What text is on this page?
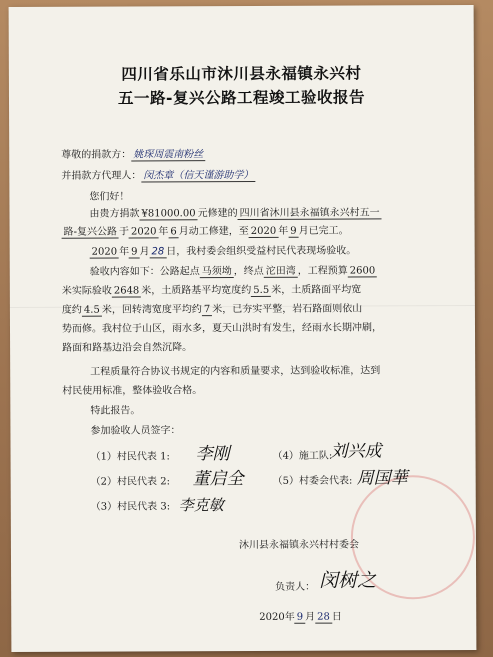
四川省乐山市沐川县永福镇永兴村
五一路-复兴公路工程竣工验收报告
尊敬的捐款方： 姚琛周震南粉丝
并捐款方代理人： 闵杰章（信天谨游助学）
您们好！
由贵方捐款 ¥81000.00 元修建的 四川省沐川县永福镇永兴村五一
路-复兴公路 于 2020 年 6 月动工修建，至 2020 年 9 月已完工。
2020 年 9 月 28 日，我村委会组织受益村民代表现场验收。
验收内容如下：公路起点 马须坳 ，终点 沱田湾 ，工程预算 2600
米实际验收 2648 米，土质路基平均宽度约 5.5 米，土质路面平均宽
度约 4.5 米，回转湾宽度平均约 7 米，已夯实平整，岩石路面则依山
势而修。我村位于山区，雨水多，夏天山洪时有发生，经雨水长期冲刷，
路面和路基边沿会自然沉降。
工程质量符合协议书规定的内容和质量要求，达到验收标准，达到
村民使用标准，整体验收合格。
特此报告。
参加验收人员签字：
（1）村民代表 1: 李刚
（2）村民代表 2: 董启全
（3）村民代表 3: 李克敏
（4）施工队:
刘兴成
（5）村委会代表: 周国華
沐川县永福镇永兴村村委会
负责人： 闵树之
2020年 9 月 28 日
